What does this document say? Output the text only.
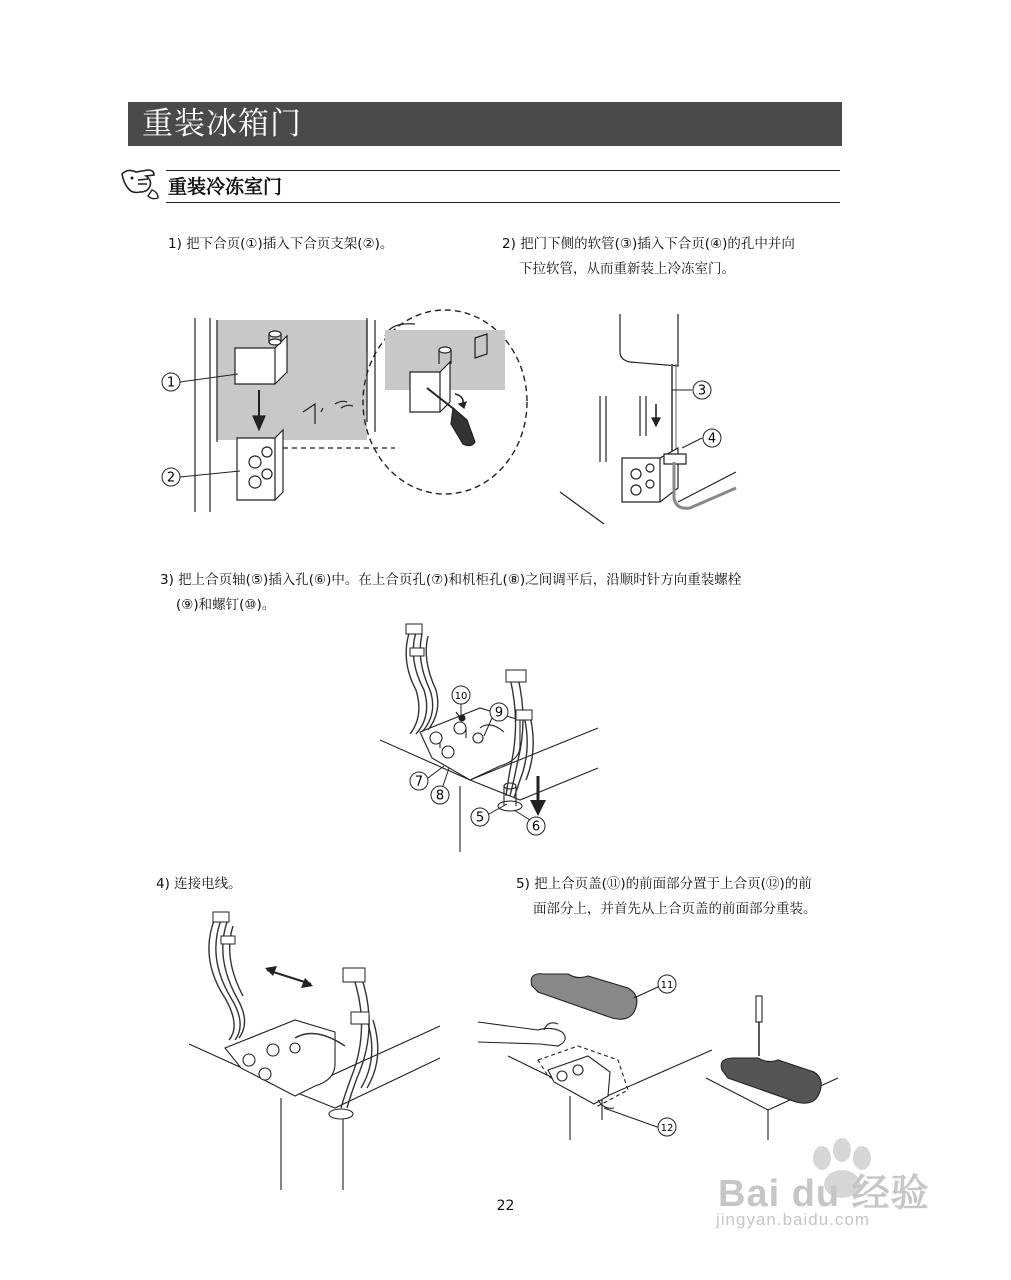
重装冰箱门
重装冷冻室门
1) 把下合页(①)插入下合页支架(②)。	2) 把门下侧的软管(③)插入下合页(④)的孔中并向
下拉软管，从而重新装上冷冻室门。
3) 把上合页轴(⑤)插入孔(⑥)中。在上合页孔(⑦)和机柜孔(⑧)之间调平后，沿顺时针方向重装螺栓
(⑨)和螺钉(⑩)。
4) 连接电线。	5) 把上合页盖(⑪)的前面部分置于上合页(⑫)的前
面部分上，并首先从上合页盖的前面部分重装。
1
2
3
4
10
9
7
8
5
6
11
12
22	Bai du 经验
jingyan.baidu.com
